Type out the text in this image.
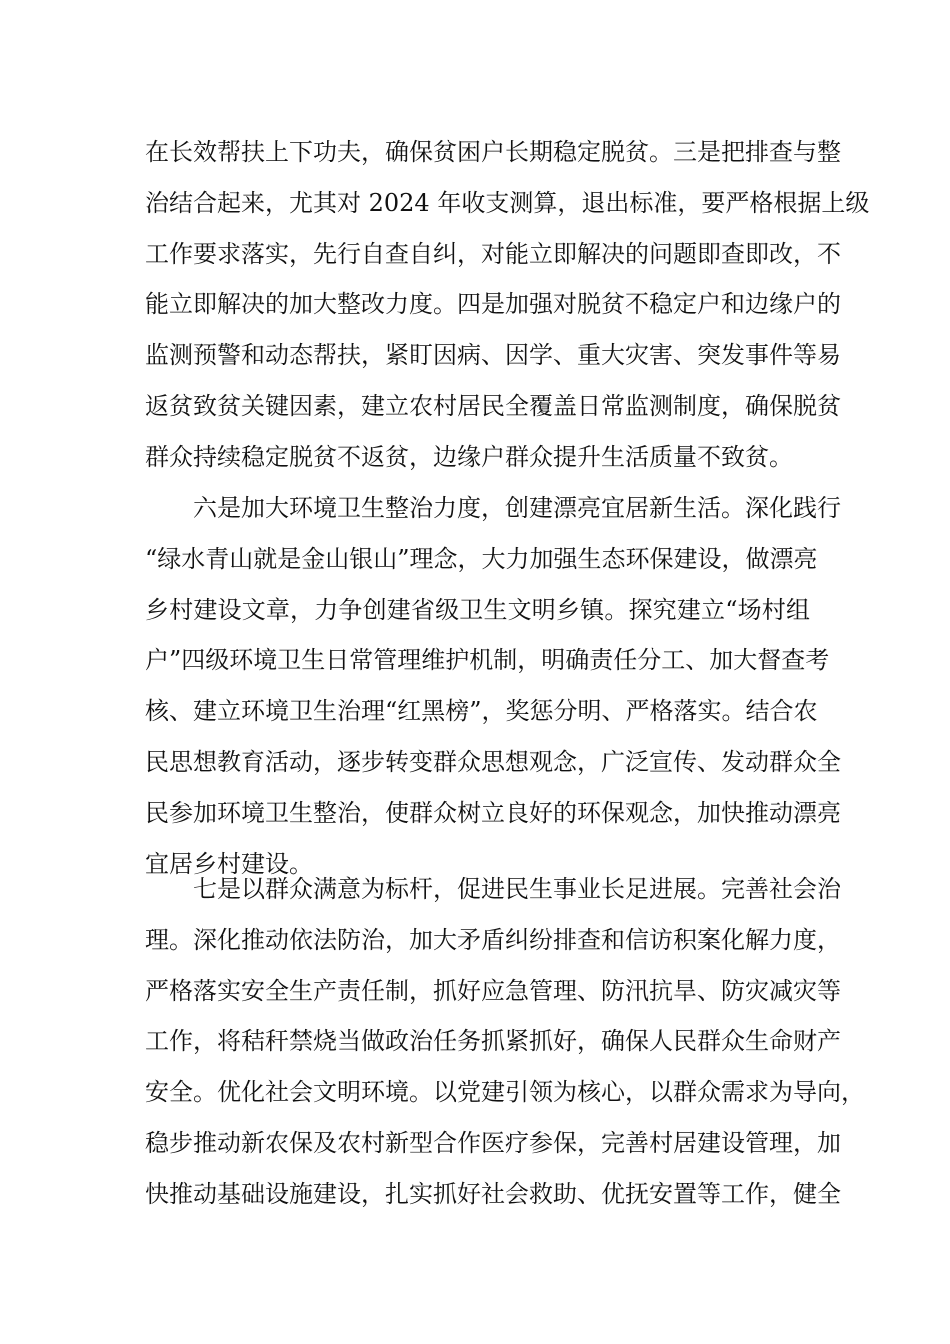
在长效帮扶上下功夫，确保贫困户长期稳定脱贫。三是把排查与整
治结合起来，尤其对 2024 年收支测算，退出标准，要严格根据上级
工作要求落实，先行自查自纠，对能立即解决的问题即查即改，不
能立即解决的加大整改力度。四是加强对脱贫不稳定户和边缘户的
监测预警和动态帮扶，紧盯因病、因学、重大灾害、突发事件等易
返贫致贫关键因素，建立农村居民全覆盖日常监测制度，确保脱贫
群众持续稳定脱贫不返贫，边缘户群众提升生活质量不致贫。
六是加大环境卫生整治力度，创建漂亮宜居新生活。深化践行
“绿水青山就是金山银山”理念，大力加强生态环保建设，做漂亮
乡村建设文章，力争创建省级卫生文明乡镇。探究建立“场村组
户”四级环境卫生日常管理维护机制，明确责任分工、加大督查考
核、建立环境卫生治理“红黑榜”，奖惩分明、严格落实。结合农
民思想教育活动，逐步转变群众思想观念，广泛宣传、发动群众全
民参加环境卫生整治，使群众树立良好的环保观念，加快推动漂亮
宜居乡村建设。
七是以群众满意为标杆，促进民生事业长足进展。完善社会治
理。深化推动依法防治，加大矛盾纠纷排查和信访积案化解力度，
严格落实安全生产责任制，抓好应急管理、防汛抗旱、防灾减灾等
工作，将秸秆禁烧当做政治任务抓紧抓好，确保人民群众生命财产
安全。优化社会文明环境。以党建引领为核心，以群众需求为导向，
稳步推动新农保及农村新型合作医疗参保，完善村居建设管理，加
快推动基础设施建设，扎实抓好社会救助、优抚安置等工作，健全
